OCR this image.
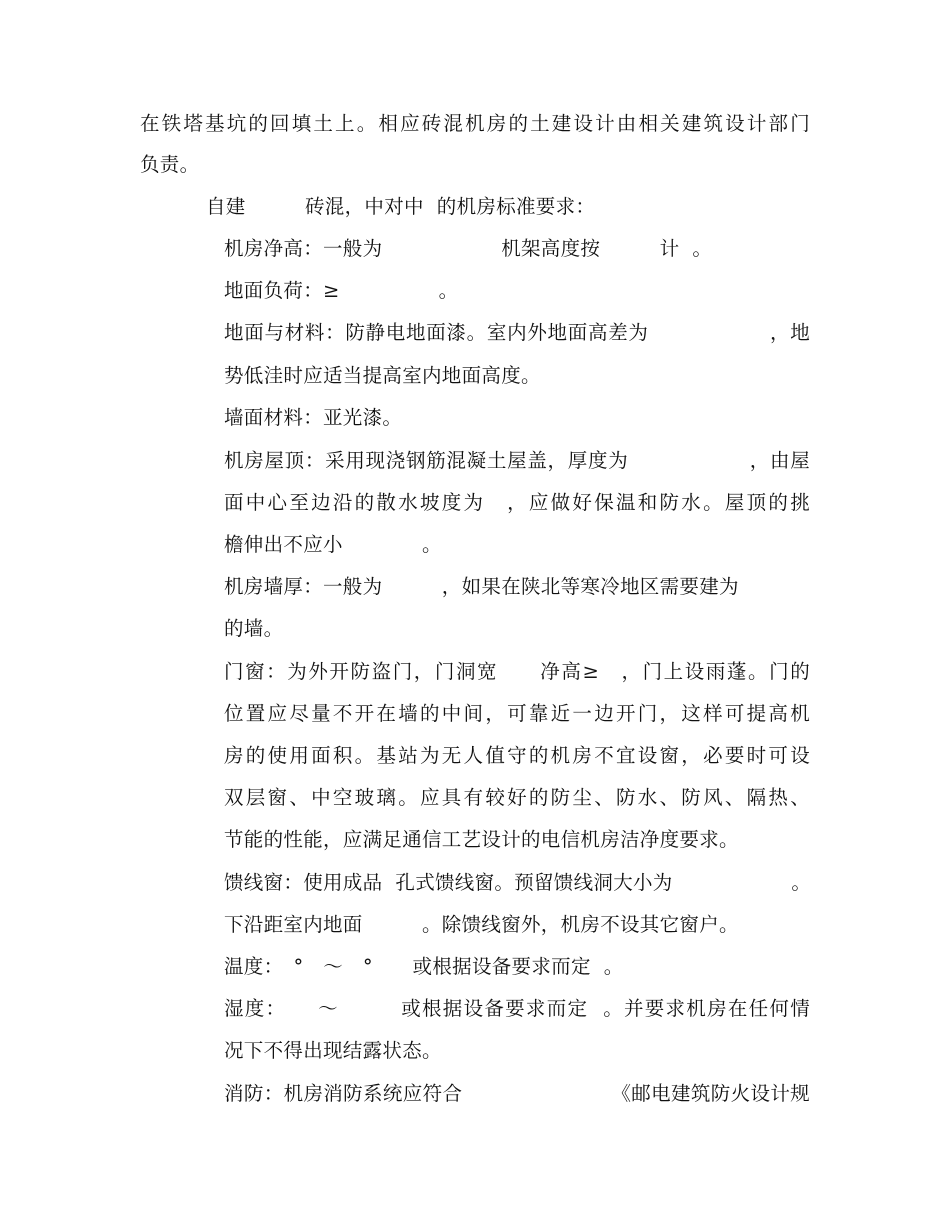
在铁塔基坑的回填土上。相应砖混机房的土建设计由相关建筑设计部门
负责。
自建　　　砖混，中对中  的机房标准要求：
机房净高：一般为　　　　　　机架高度按　　　计  。
地面负荷：≥　　　　　。
地面与材料：防静电地面漆。室内外地面高差为　　　　　　，地
势低洼时应适当提高室内地面高度。
墙面材料：亚光漆。
机房屋顶：采用现浇钢筋混凝土屋盖，厚度为　　　　　　，由屋
面中心至边沿的散水坡度为　，应做好保温和防水。屋顶的挑
檐伸出不应小　　　　。
机房墙厚：一般为　　　，如果在陕北等寒冷地区需要建为
的墙。
门窗：为外开防盗门，门洞宽　　净高≥　，门上设雨蓬。门的
位置应尽量不开在墙的中间，可靠近一边开门，这样可提高机
房的使用面积。基站为无人值守的机房不宜设窗，必要时可设
双层窗、中空玻璃。应具有较好的防尘、防水、防风、隔热、
节能的性能，应满足通信工艺设计的电信机房洁净度要求。
馈线窗：使用成品  孔式馈线窗。预留馈线洞大小为　　　　　　。
下沿距室内地面　　　。除馈线窗外，机房不设其它窗户。
温度：　°　～　°　　或根据设备要求而定  。
湿度：　　～　　　或根据设备要求而定  。并要求机房在任何情
况下不得出现结露状态。
消防：机房消防系统应符合　　　　　　　　《邮电建筑防火设计规
